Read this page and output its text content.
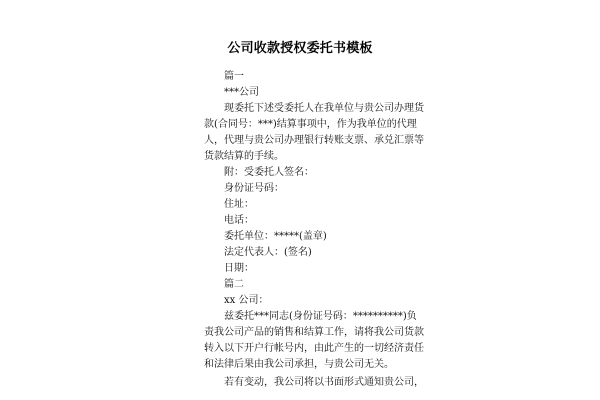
公司收款授权委托书模板
篇一
***公司
现委托下述受委托人在我单位与贵公司办理货
款(合同号：***)结算事项中，作为我单位的代理
人，代理与贵公司办理银行转账支票、承兑汇票等
货款结算的手续。
附：受委托人签名：
身份证号码：
住址：
电话：
委托单位：*****(盖章)
法定代表人：(签名)
日期：
篇二
xx 公司：
兹委托***同志(身份证号码：**********)负
责我公司产品的销售和结算工作，请将我公司货款
转入以下开户行帐号内，由此产生的一切经济责任
和法律后果由我公司承担，与贵公司无关。
若有变动，我公司将以书面形式通知贵公司，
